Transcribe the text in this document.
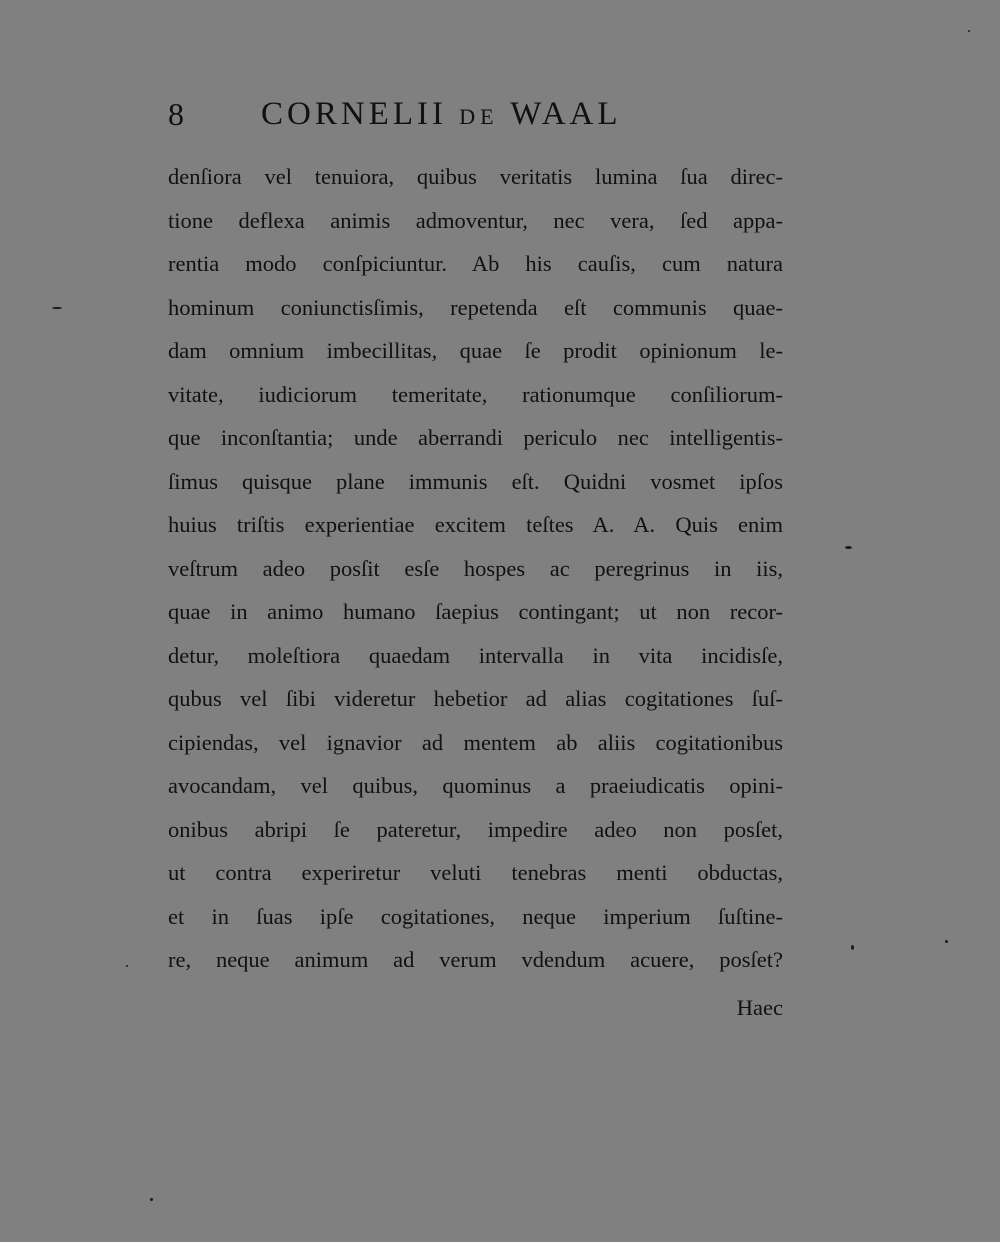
8 CORNELII DE WAAL
denſiora vel tenuiora, quibus veritatis lumina ſua direc-
tione deflexa animis admoventur, nec vera, ſed appa-
rentia modo conſpiciuntur. Ab his cauſis, cum natura
hominum coniunctisſimis, repetenda eſt communis quae-
dam omnium imbecillitas, quae ſe prodit opinionum le-
vitate, iudiciorum temeritate, rationumque conſiliorum-
que inconſtantia; unde aberrandi periculo nec intelligentis-
ſimus quisque plane immunis eſt. Quidni vosmet ipſos
huius triſtis experientiae excitem teſtes A. A. Quis enim
veſtrum adeo posſit esſe hospes ac peregrinus in iis,
quae in animo humano ſaepius contingant; ut non recor-
detur, moleſtiora quaedam intervalla in vita incidisſe,
qubus vel ſibi videretur hebetior ad alias cogitationes ſuſ-
cipiendas, vel ignavior ad mentem ab aliis cogitationibus
avocandam, vel quibus, quominus a praeiudicatis opini-
onibus abripi ſe pateretur, impedire adeo non posſet,
ut contra experiretur veluti tenebras menti obductas,
et in ſuas ipſe cogitationes, neque imperium ſuſtine-
re, neque animum ad verum vdendum acuere, posſet?
Haec
